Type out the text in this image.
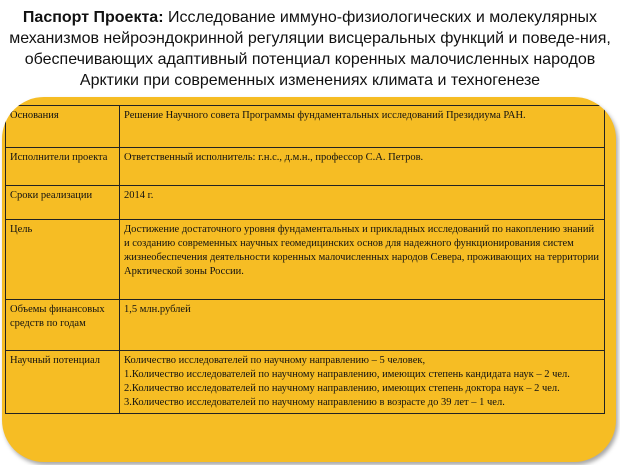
Паспорт Проекта: Исследование иммуно-физиологических и молекулярных механизмов нейроэндокринной регуляции висцеральных функций и поведе-ния, обеспечивающих адаптивный потенциал коренных малочисленных народов Арктики при современных изменениях климата и техногенезе
Основания	Решение Научного совета Программы фундаментальных исследований Президиума РАН.

Исполнители проекта	Ответственный исполнитель: г.н.с., д.м.н., профессор С.А. Петров.

Сроки реализации	2014 г.

Цель	Достижение достаточного уровня фундаментальных и прикладных исследований по накоплению знаний и созданию современных научных геомедицинских основ для надежного функционирования систем жизнеобеспечения деятельности коренных малочисленных народов Севера, проживающих на территории Арктической зоны России.

Объемы финансовых средств по годам	1,5 млн.рублей

Научный потенциал	Количество исследователей по научному направлению – 5 человек,
1.Количество исследователей по научному направлению, имеющих степень кандидата наук – 2 чел.
2.Количество исследователей по научному направлению, имеющих степень доктора наук – 2 чел.
3.Количество исследователей по научному направлению в возрасте до 39 лет – 1 чел.
